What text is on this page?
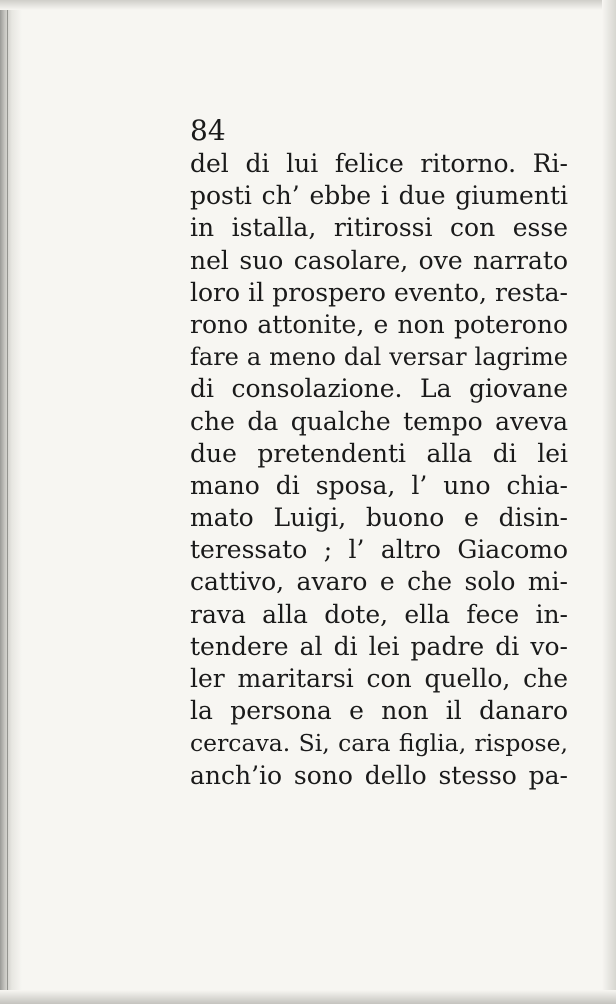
84

del di lui felice ritorno. Ri-
posti ch’ ebbe i due giumenti
in istalla, ritirossi con esse
nel suo casolare, ove narrato
loro il prospero evento, resta-
rono attonite, e non poterono
fare a meno dal versar lagrime
di consolazione. La giovane
che da qualche tempo aveva
due pretendenti alla di lei
mano di sposa, l’ uno chia-
mato Luigi, buono e disin-
teressato ; l’ altro Giacomo
cattivo, avaro e che solo mi-
rava alla dote, ella fece in-
tendere al di lei padre di vo-
ler maritarsi con quello, che
la persona e non il danaro
cercava. Si, cara figlia, rispose,
anch’io sono dello stesso pa-
